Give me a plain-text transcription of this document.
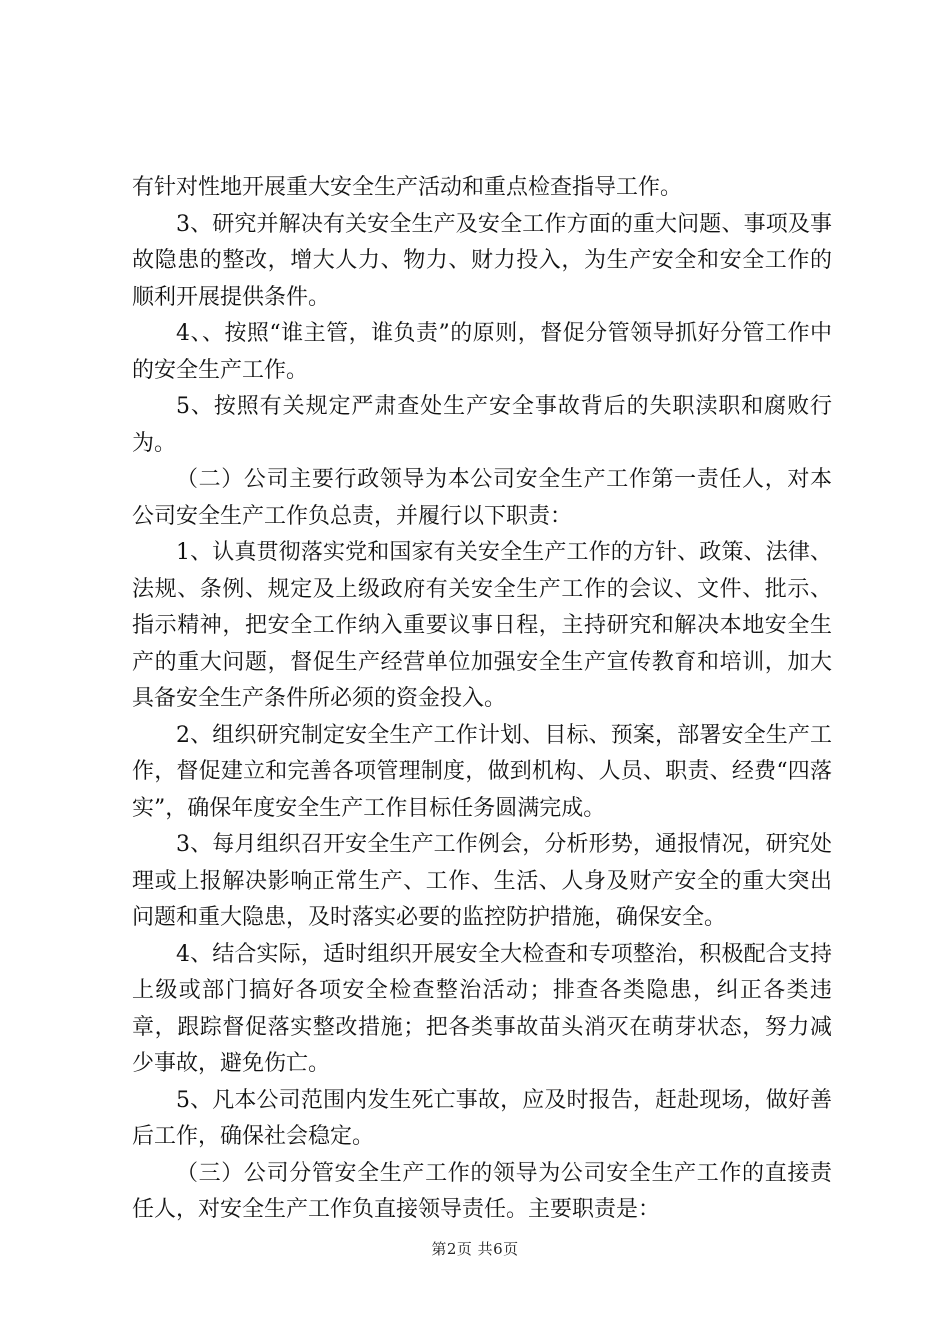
有针对性地开展重大安全生产活动和重点检查指导工作。

3、研究并解决有关安全生产及安全工作方面的重大问题、事项及事故隐患的整改，增大人力、物力、财力投入，为生产安全和安全工作的顺利开展提供条件。

4、、按照“谁主管，谁负责”的原则，督促分管领导抓好分管工作中的安全生产工作。

5、按照有关规定严肃查处生产安全事故背后的失职渎职和腐败行为。

（二）公司主要行政领导为本公司安全生产工作第一责任人，对本公司安全生产工作负总责，并履行以下职责：

1、认真贯彻落实党和国家有关安全生产工作的方针、政策、法律、法规、条例、规定及上级政府有关安全生产工作的会议、文件、批示、指示精神，把安全工作纳入重要议事日程，主持研究和解决本地安全生产的重大问题，督促生产经营单位加强安全生产宣传教育和培训，加大具备安全生产条件所必须的资金投入。

2、组织研究制定安全生产工作计划、目标、预案，部署安全生产工作，督促建立和完善各项管理制度，做到机构、人员、职责、经费“四落实”，确保年度安全生产工作目标任务圆满完成。

3、每月组织召开安全生产工作例会，分析形势，通报情况，研究处理或上报解决影响正常生产、工作、生活、人身及财产安全的重大突出问题和重大隐患，及时落实必要的监控防护措施，确保安全。

4、结合实际，适时组织开展安全大检查和专项整治，积极配合支持上级或部门搞好各项安全检查整治活动；排查各类隐患，纠正各类违章，跟踪督促落实整改措施；把各类事故苗头消灭在萌芽状态，努力减少事故，避免伤亡。

5、凡本公司范围内发生死亡事故，应及时报告，赶赴现场，做好善后工作，确保社会稳定。

（三）公司分管安全生产工作的领导为公司安全生产工作的直接责任人，对安全生产工作负直接领导责任。主要职责是：

第2页 共6页
